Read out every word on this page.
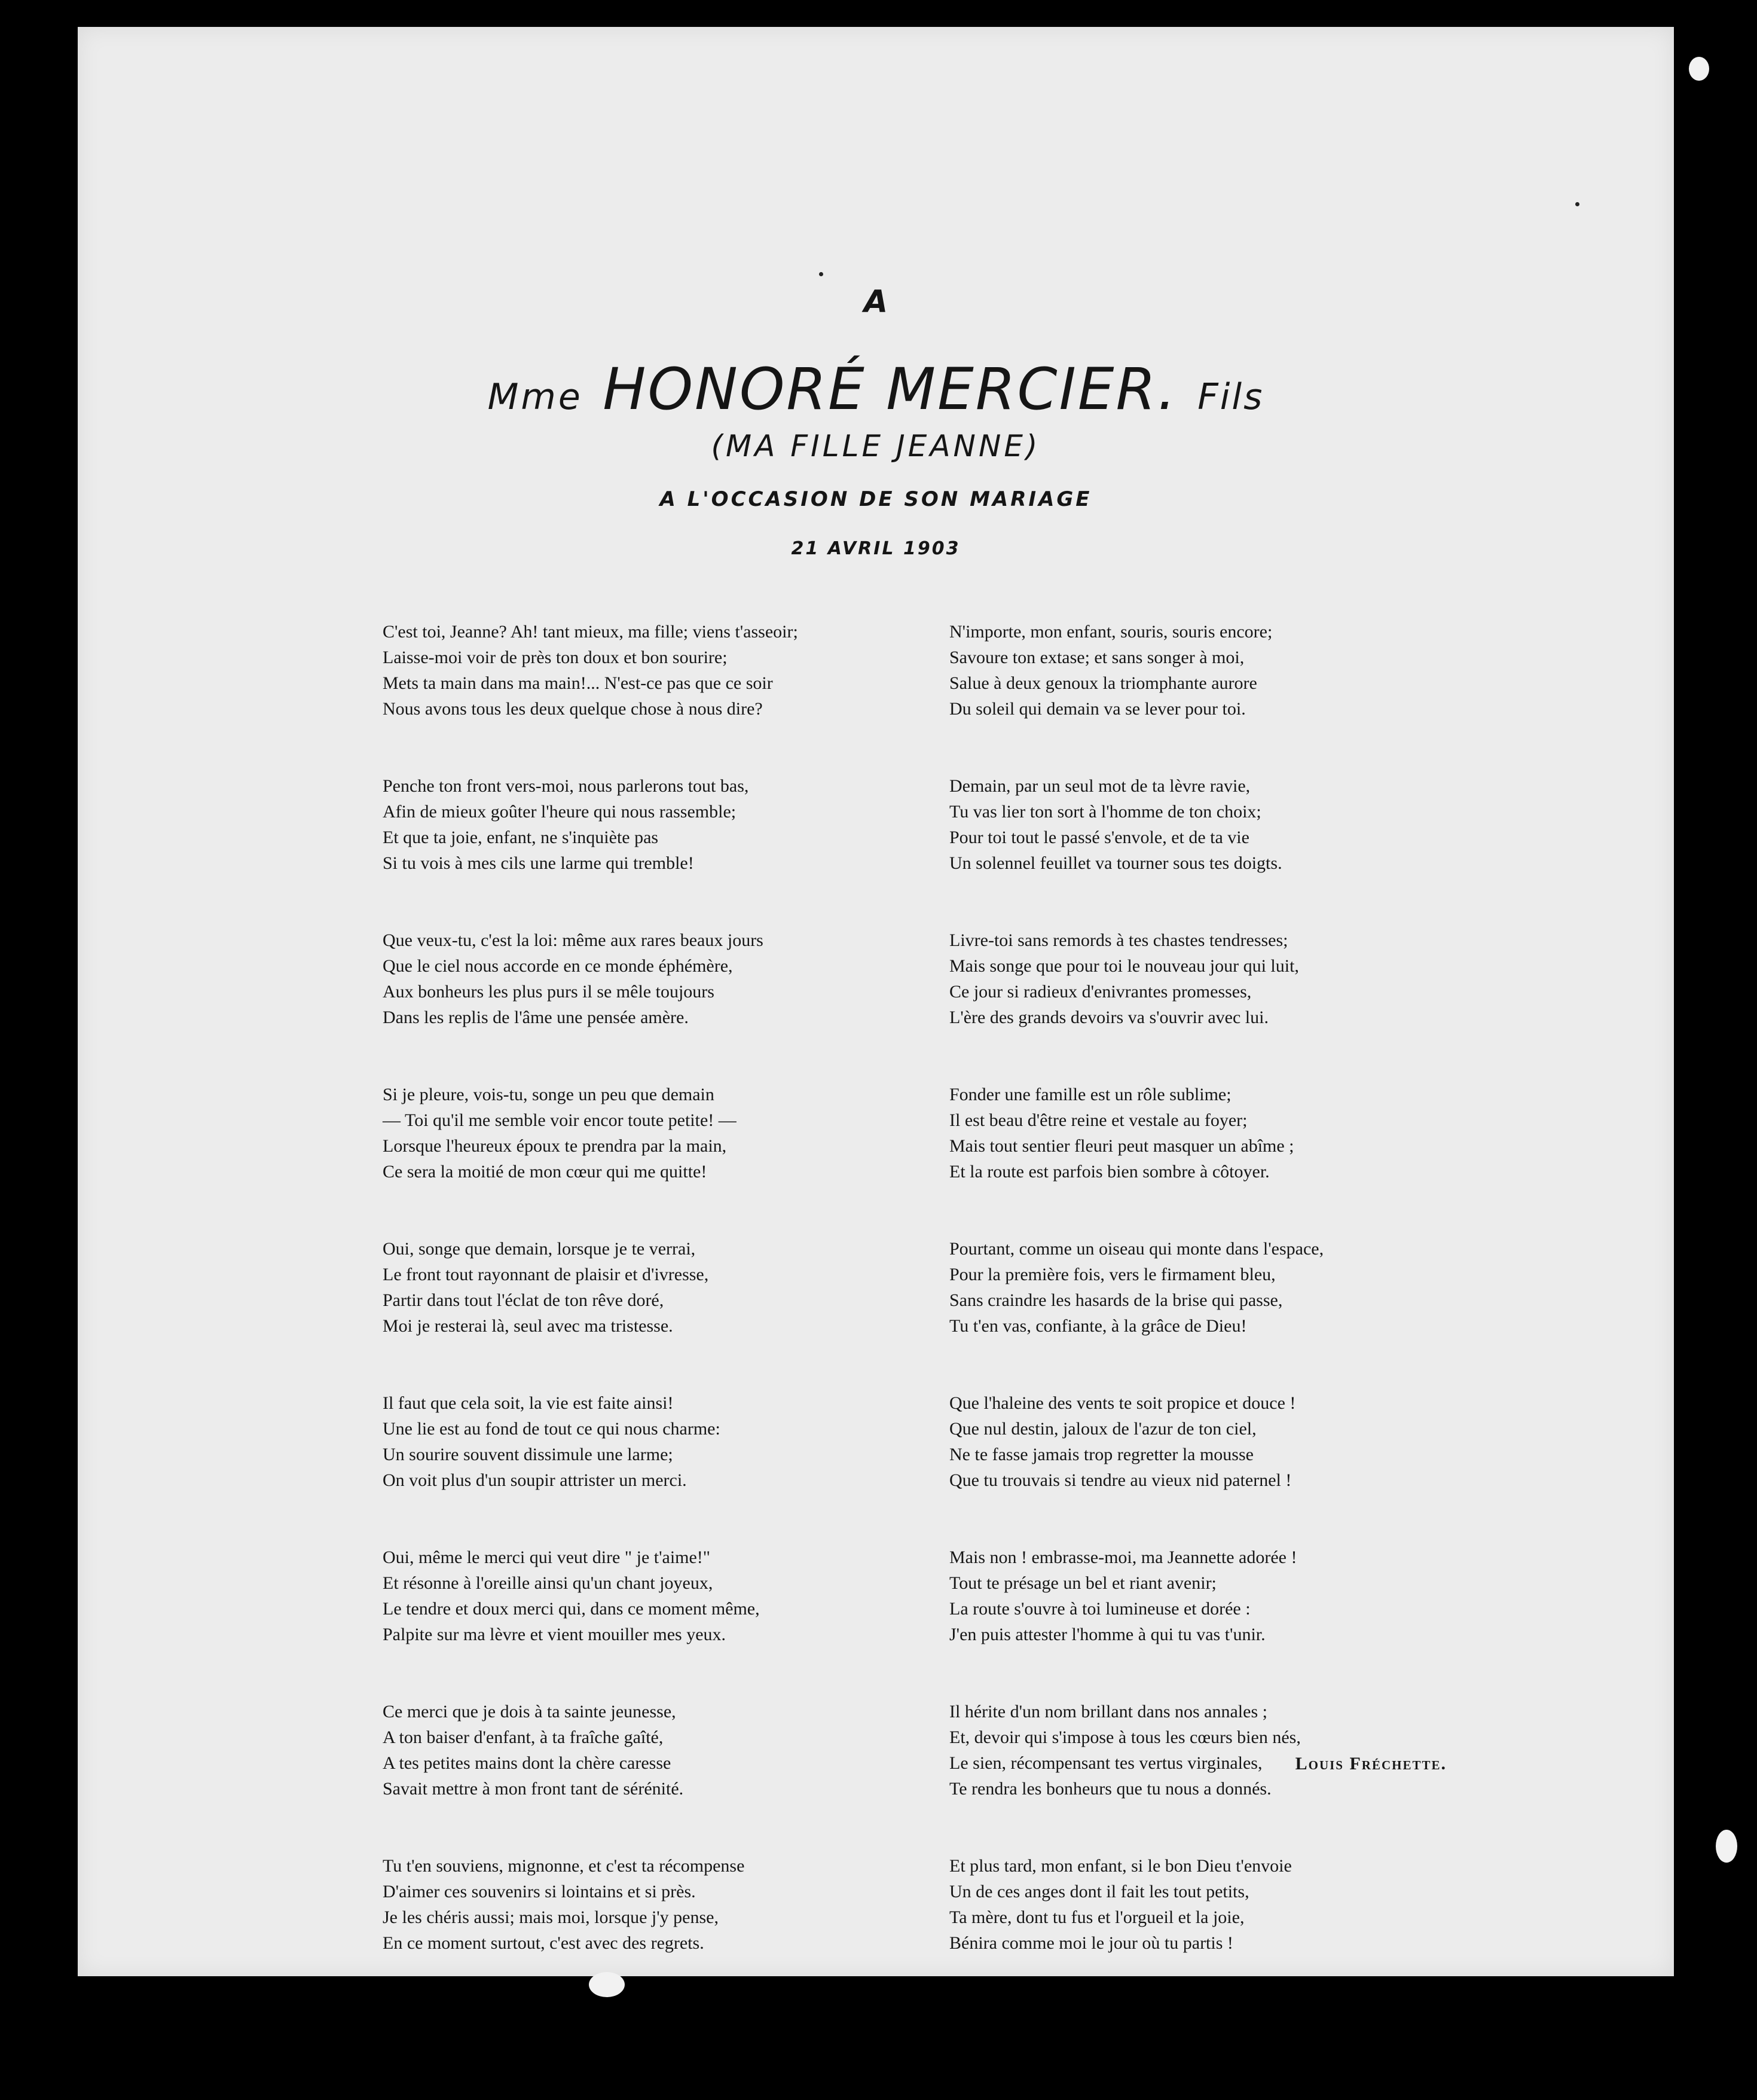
A
Mme HONORÉ MERCIER. Fils
(MA FILLE JEANNE)
A L'OCCASION DE SON MARIAGE
21 AVRIL 1903
C'est toi, Jeanne? Ah! tant mieux, ma fille; viens t'asseoir;
Laisse-moi voir de près ton doux et bon sourire;
Mets ta main dans ma main!... N'est-ce pas que ce soir
Nous avons tous les deux quelque chose à nous dire?
Penche ton front vers-moi, nous parlerons tout bas,
Afin de mieux goûter l'heure qui nous rassemble;
Et que ta joie, enfant, ne s'inquiète pas
Si tu vois à mes cils une larme qui tremble!
Que veux-tu, c'est la loi: même aux rares beaux jours
Que le ciel nous accorde en ce monde éphémère,
Aux bonheurs les plus purs il se mêle toujours
Dans les replis de l'âme une pensée amère.
Si je pleure, vois-tu, songe un peu que demain
— Toi qu'il me semble voir encor toute petite! —
Lorsque l'heureux époux te prendra par la main,
Ce sera la moitié de mon cœur qui me quitte!
Oui, songe que demain, lorsque je te verrai,
Le front tout rayonnant de plaisir et d'ivresse,
Partir dans tout l'éclat de ton rêve doré,
Moi je resterai là, seul avec ma tristesse.
Il faut que cela soit, la vie est faite ainsi!
Une lie est au fond de tout ce qui nous charme:
Un sourire souvent dissimule une larme;
On voit plus d'un soupir attrister un merci.
Oui, même le merci qui veut dire " je t'aime!"
Et résonne à l'oreille ainsi qu'un chant joyeux,
Le tendre et doux merci qui, dans ce moment même,
Palpite sur ma lèvre et vient mouiller mes yeux.
Ce merci que je dois à ta sainte jeunesse,
A ton baiser d'enfant, à ta fraîche gaîté,
A tes petites mains dont la chère caresse
Savait mettre à mon front tant de sérénité.
Tu t'en souviens, mignonne, et c'est ta récompense
D'aimer ces souvenirs si lointains et si près.
Je les chéris aussi; mais moi, lorsque j'y pense,
En ce moment surtout, c'est avec des regrets.
N'importe, mon enfant, souris, souris encore;
Savoure ton extase; et sans songer à moi,
Salue à deux genoux la triomphante aurore
Du soleil qui demain va se lever pour toi.
Demain, par un seul mot de ta lèvre ravie,
Tu vas lier ton sort à l'homme de ton choix;
Pour toi tout le passé s'envole, et de ta vie
Un solennel feuillet va tourner sous tes doigts.
Livre-toi sans remords à tes chastes tendresses;
Mais songe que pour toi le nouveau jour qui luit,
Ce jour si radieux d'enivrantes promesses,
L'ère des grands devoirs va s'ouvrir avec lui.
Fonder une famille est un rôle sublime;
Il est beau d'être reine et vestale au foyer;
Mais tout sentier fleuri peut masquer un abîme ;
Et la route est parfois bien sombre à côtoyer.
Pourtant, comme un oiseau qui monte dans l'espace,
Pour la première fois, vers le firmament bleu,
Sans craindre les hasards de la brise qui passe,
Tu t'en vas, confiante, à la grâce de Dieu!
Que l'haleine des vents te soit propice et douce !
Que nul destin, jaloux de l'azur de ton ciel,
Ne te fasse jamais trop regretter la mousse
Que tu trouvais si tendre au vieux nid paternel !
Mais non ! embrasse-moi, ma Jeannette adorée !
Tout te présage un bel et riant avenir;
La route s'ouvre à toi lumineuse et dorée :
J'en puis attester l'homme à qui tu vas t'unir.
Il hérite d'un nom brillant dans nos annales ;
Et, devoir qui s'impose à tous les cœurs bien nés,
Le sien, récompensant tes vertus virginales,
Te rendra les bonheurs que tu nous a donnés.
Et plus tard, mon enfant, si le bon Dieu t'envoie
Un de ces anges dont il fait les tout petits,
Ta mère, dont tu fus et l'orgueil et la joie,
Bénira comme moi le jour où tu partis !
Louis Fréchette.
